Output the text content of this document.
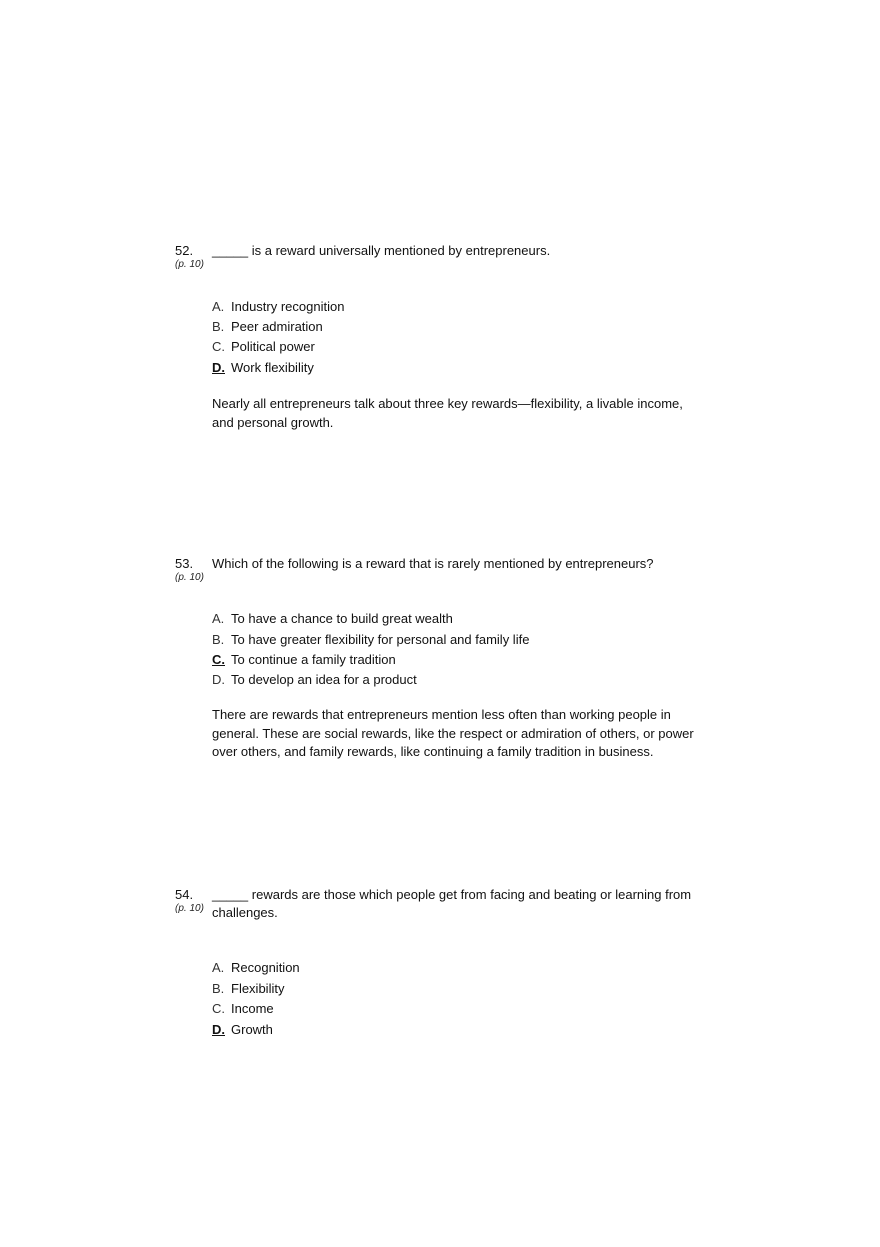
52.
(p. 10)
_____ is a reward universally mentioned by entrepreneurs.
A. Industry recognition
B. Peer admiration
C. Political power
D. Work flexibility
Nearly all entrepreneurs talk about three key rewards—flexibility, a livable income, and personal growth.
53.
(p. 10)
Which of the following is a reward that is rarely mentioned by entrepreneurs?
A. To have a chance to build great wealth
B. To have greater flexibility for personal and family life
C. To continue a family tradition
D. To develop an idea for a product
There are rewards that entrepreneurs mention less often than working people in general. These are social rewards, like the respect or admiration of others, or power over others, and family rewards, like continuing a family tradition in business.
54.
(p. 10)
_____ rewards are those which people get from facing and beating or learning from challenges.
A. Recognition
B. Flexibility
C. Income
D. Growth
